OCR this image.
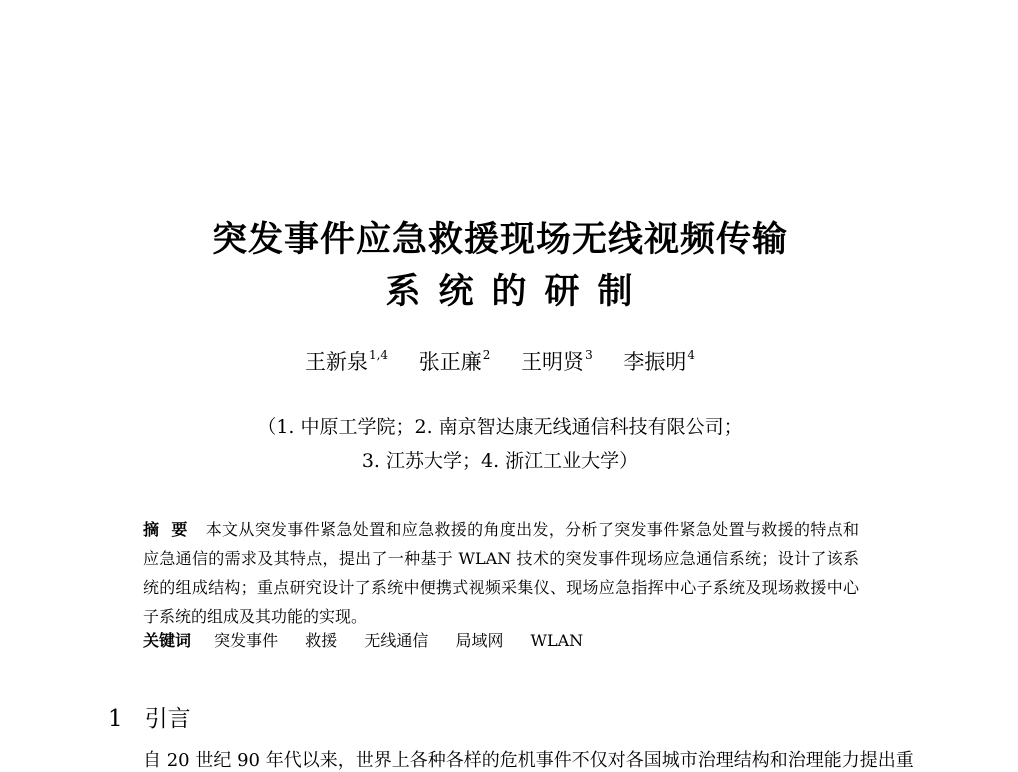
突发事件应急救援现场无线视频传输
系统的研制
王新泉$^{1,4}$ 张正廉$^2$ 王明贤$^3$ 李振明$^4$
（1. 中原工学院；2. 南京智达康无线通信科技有限公司；
3. 江苏大学；4. 浙江工业大学）
摘要 本文从突发事件紧急处置和应急救援的角度出发，分析了突发事件紧急处置与救援的特点和应急通信的需求及其特点，提出了一种基于 WLAN 技术的突发事件现场应急通信系统；设计了该系统的组成结构；重点研究设计了系统中便携式视频采集仪、现场应急指挥中心子系统及现场救援中心子系统的组成及其功能的实现。
关键词 突发事件 救援 无线通信 局域网 WLAN
1 引言
自 20 世纪 90 年代以来，世界上各种各样的危机事件不仅对各国城市治理结构和治理能力提出重
